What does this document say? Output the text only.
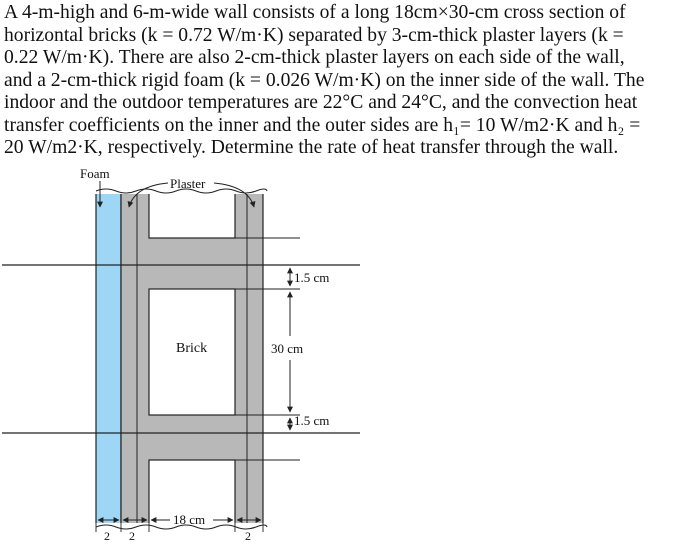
A 4-m-high and 6-m-wide wall consists of a long 18cm×30-cm cross section of
horizontal bricks (k = 0.72 W/m·K) separated by 3-cm-thick plaster layers (k =
0.22 W/m·K). There are also 2-cm-thick plaster layers on each side of the wall,
and a 2-cm-thick rigid foam (k = 0.026 W/m·K) on the inner side of the wall. The
indoor and the outdoor temperatures are 22°C and 24°C, and the convection heat
transfer coefficients on the inner and the outer sides are h₁= 10 W/m2·K and h₂ =
20 W/m2·K, respectively. Determine the rate of heat transfer through the wall.
Foam
Plaster
Brick
1.5 cm
30 cm
1.5 cm
18 cm
2 2	2
